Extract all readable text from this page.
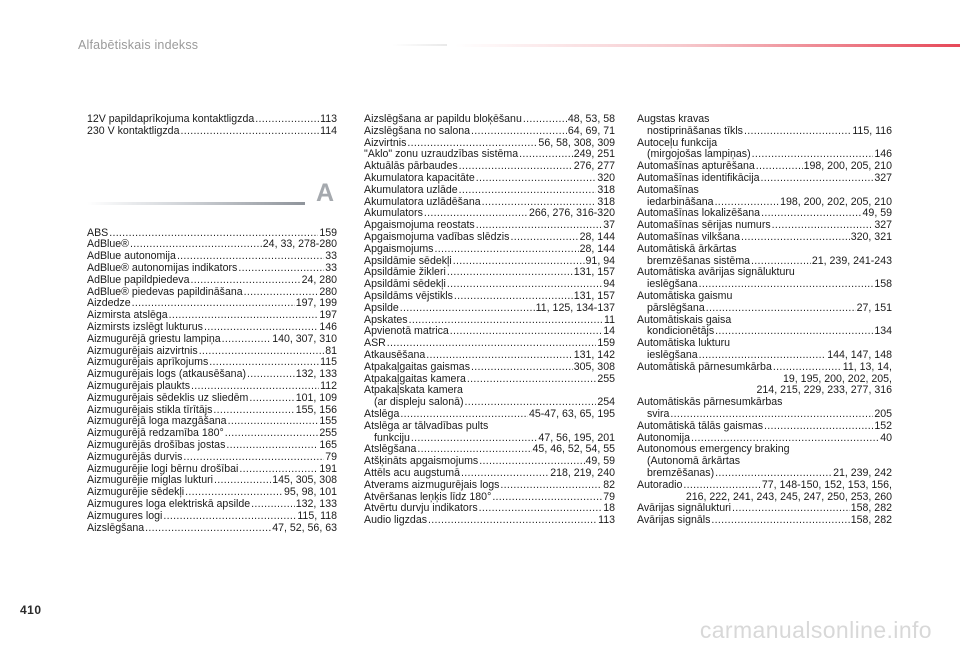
Alfabētiskais indekss
12V papildaprīkojuma kontaktligzda .....	113
230 V kontaktligzda .....	114
A
ABS .....	159
AdBlue® .....	24, 33, 278-280
AdBlue autonomija .....	33
AdBlue® autonomijas indikators .....	33
AdBlue papildpiedeva .....	24, 280
AdBlue® piedevas papildināšana .....	280
Aizdedze .....	197, 199
Aizmirsta atslēga .....	197
Aizmirsts izslēgt lukturus .....	146
Aizmugurējā griestu lampiņa .....	140, 307, 310
Aizmugurējais aizvirtnis .....	81
Aizmugurējais aprīkojums .....	115
Aizmugurējais logs (atkausēšana) .....	132, 133
Aizmugurējais plaukts .....	112
Aizmugurējais sēdeklis uz sliedēm .....	101, 109
Aizmugurējais stikla tīrītājs .....	155, 156
Aizmugurējā loga mazgāšana .....	155
Aizmugurējā redzamība 180° .....	255
Aizmugurējās drošības jostas .....	165
Aizmugurējās durvis .....	79
Aizmugurējie logi bērnu drošībai .....	191
Aizmugurējie miglas lukturi .....	145, 305, 308
Aizmugurējie sēdekļi .....	95, 98, 101
Aizmugures loga elektriskā apsilde .....	132, 133
Aizmugures logi .....	115, 118
Aizslēgšana .....	47, 52, 56, 63
Aizslēgšana ar papildu bloķēšanu .....	48, 53, 58
Aizslēgšana no salona .....	64, 69, 71
Aizvirtnis .....	56, 58, 308, 309
"Aklo" zonu uzraudzības sistēma .....	249, 251
Aktuālās pārbaudes .....	276, 277
Akumulatora kapacitāte .....	320
Akumulatora uzlāde .....	318
Akumulatora uzlādēšana .....	318
Akumulators .....	266, 276, 316-320
Apgaismojuma reostats .....	37
Apgaismojuma vadības slēdzis .....	28, 144
Apgaismojums .....	28, 144
Apsildāmie sēdekļi .....	91, 94
Apsildāmie žikleri .....	131, 157
Apsildāmi sēdekļi .....	94
Apsildāms vējstikls .....	131, 157
Apsilde .....	11, 125, 134-137
Apskates .....	11
Apvienotā matrica .....	14
ASR .....	159
Atkausēšana .....	131, 142
Atpakaļgaitas gaismas .....	305, 308
Atpakaļgaitas kamera .....	255
Atpakaļskata kamera
(ar displeju salonā) .....	254
Atslēga .....	45-47, 63, 65, 195
Atslēga ar tālvadības pults
funkciju .....	47, 56, 195, 201
Atslēgšana .....	45, 46, 52, 54, 55
Atšķināts apgaismojums .....	49, 59
Attēls acu augstumā .....	218, 219, 240
Atverams aizmugurējais logs .....	82
Atvēršanas leņķis līdz 180° .....	79
Atvērtu durvju indikators .....	18
Audio ligzdas .....	113
Augstas kravas
nostiprināšanas tīkls .....	115, 116
Autoceļu funkcija
(mirgojošas lampiņas) .....	146
Automašīnas apturēšana .....	198, 200, 205, 210
Automašīnas identifikācija .....	327
Automašīnas
iedarbināšana .....	198, 200, 202, 205, 210
Automašīnas lokalizēšana .....	49, 59
Automašīnas sērijas numurs .....	327
Automašīnas vilkšana .....	320, 321
Automātiskā ārkārtas
bremzēšanas sistēma .....	21, 239, 241-243
Automātiska avārijas signālukturu
ieslēgšana .....	158
Automātiska gaismu
pārslēgšana .....	27, 151
Automātiskais gaisa
kondicionētājs .....	134
Automātiska lukturu
ieslēgšana .....	144, 147, 148
Automātiskā pārnesumkārba .....	11, 13, 14,
19, 195, 200, 202, 205,
214, 215, 229, 233, 277, 316
Automātiskās pārnesumkārbas
svira .....	205
Automātiskā tālās gaismas .....	152
Autonomija .....	40
Autonomous emergency braking
(Autonomā ārkārtas
bremzēšanas) .....	21, 239, 242
Autoradio .....	77, 148-150, 152, 153, 156,
216, 222, 241, 243, 245, 247, 250, 253, 260
Avārijas signālukturi .....	158, 282
Avārijas signāls .....	158, 282
410
carmanualsonline.info
